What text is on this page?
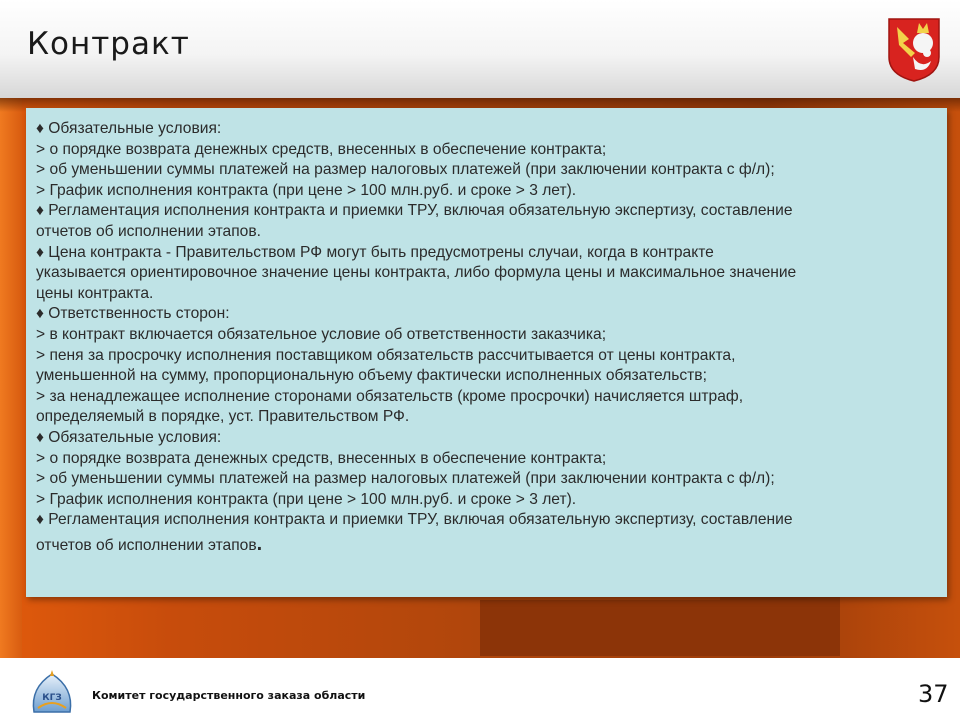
Контракт
♦ Обязательные условия:
> о порядке возврата денежных средств, внесенных в обеспечение контракта;
> об уменьшении суммы платежей на размер налоговых платежей (при заключении контракта с ф/л);
> График исполнения контракта (при цене > 100 млн.руб. и сроке > 3 лет).
♦ Регламентация исполнения контракта и приемки ТРУ, включая обязательную экспертизу, составление
отчетов об исполнении этапов.
♦ Цена контракта - Правительством РФ могут быть предусмотрены случаи, когда в контракте
указывается ориентировочное значение цены контракта, либо формула цены и максимальное значение
цены контракта.
♦ Ответственность сторон:
> в контракт включается обязательное условие об ответственности заказчика;
> пеня за просрочку исполнения поставщиком обязательств рассчитывается от цены контракта,
уменьшенной на сумму, пропорциональную объему фактически исполненных обязательств;
> за ненадлежащее исполнение сторонами обязательств (кроме просрочки) начисляется штраф,
определяемый в порядке, уст. Правительством РФ.
♦ Обязательные условия:
> о порядке возврата денежных средств, внесенных в обеспечение контракта;
> об уменьшении суммы платежей на размер налоговых платежей (при заключении контракта с ф/л);
> График исполнения контракта (при цене > 100 млн.руб. и сроке > 3 лет).
♦ Регламентация исполнения контракта и приемки ТРУ, включая обязательную экспертизу, составление
отчетов об исполнении этапов.
КГЗ	Комитет государственного заказа области	37
